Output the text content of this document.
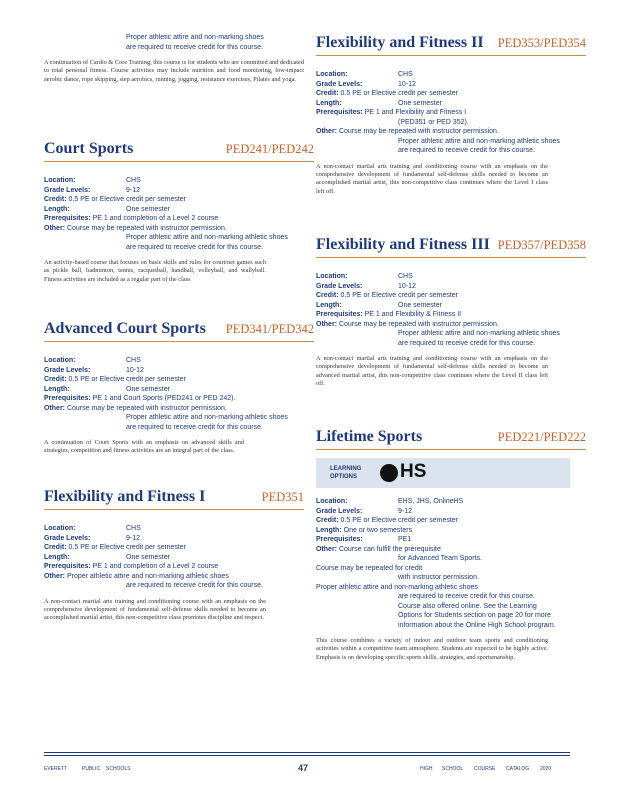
Proper athletic attire and non-marking shoes
are required to receive credit for this course.
A continuation of Cardio & Core Training, this course is for students who are committed and dedicated to total personal fitness. Course activities may include nutrition and food monitoring, low-impact aerobic dance, rope skipping, step aerobics, running, jogging, resistance exercises, Pilates and yoga.
Court Sports	PED241/PED242
Location:	CHS
Grade Levels:	9-12
Credit: 0.5 PE or Elective credit per semester
Length:	One semester
Prerequisites: PE 1 and completion of a Level 2 course
Other: Course may be repeated with instructor permission.
Proper athletic attire and non-marking athletic shoes
are required to receive credit for this course.
An activity-based course that focuses on basic skills and rules for court/net games such as pickle ball, badminton, tennis, racquetball, handball, volleyball, and wallyball. Fitness activities are included as a regular part of the class
Advanced Court Sports PED341/PED342
Location:	CHS
Grade Levels:	10-12
Credit: 0.5 PE or Elective credit per semester
Length:	One semester
Prerequisites: PE 1 and Court Sports (PED241 or PED 242).
Other: Course may be repeated with instructor permission.
Proper athletic attire and non-marking athletic shoes
are required to receive credit for this course.
A continuation of Court Sports with an emphasis on advanced skills and strategies, competition and fitness activities are an integral part of the class.
Flexibility and Fitness I	PED351
Location:	CHS
Grade Levels:	9-12
Credit: 0.5 PE or Elective credit per semester
Length:	One semester
Prerequisites: PE 1 and completion of a Level 2 course
Other: Proper athletic attire and non-marking athletic shoes
are required to receive credit for this course.
A non-contact martial arts training and conditioning course with an emphasis on the comprehensive development of fundamental self-defense skills needed to become an accomplished martial artist, this non-competitive class promotes discipline and respect.
Flexibility and Fitness II PED353/PED354
Location:	CHS
Grade Levels:	10-12
Credit: 0.5 PE or Elective credit per semester
Length:	One semester
Prerequisites: PE 1 and Flexibility and Fitness I
(PED351 or PED 352).
Other: Course may be repeated with instructor permission.
Proper athletic attire and non-marking athletic shoes
are required to receive credit for this course.
A non-contact martial arts training and conditioning course with an emphasis on the comprehensive development of fundamental self-defense skills needed to become an accomplished martial artist, this non-competitive class continues where the Level I class left off.
Flexibility and Fitness III PED357/PED358
Location:	CHS
Grade Levels:	10-12
Credit: 0.5 PE or Elective credit per semester
Length:	One semester
Prerequisites: PE 1 and Flexibility & Fitness II
Other: Course may be repeated with instructor permission.
Proper athletic attire and non-marking athletic shoes
are required to receive credit for this course.
A non-contact martial arts training and conditioning course with an emphasis on the comprehensive development of fundamental self-defense skills needed to become an advanced martial artist, this non-competitive class continues where the Level II class left off.
Lifetime Sports	PED221/PED222
LEARNING
OPTIONS HS
Location:	EHS, JHS, OnlineHS
Grade Levels:	9-12
Credit: 0.5 PE or Elective credit per semester
Length: One or two semesters
Prerequisites:	PE1
Other: Course can fulfill the prerequisite
for Advanced Team Sports.
Course may be repeated for credit
with instructor permission.
Proper athletic attire and non-marking athletic shoes
are required to receive credit for this course.
Course also offered online. See the Learning
Options for Students section on page 20 for more
information about the Online High School program.
This course combines a variety of indoor and outdoor team sports and conditioning activities within a competitive team atmosphere. Students are expected to be highly active. Emphasis is on developing specific sports skills, strategies, and sportsmanship.
EVERETT	PUBLIC SCHOOLS	47	HIGH SCHOOL COURSE CATALOG 2020
